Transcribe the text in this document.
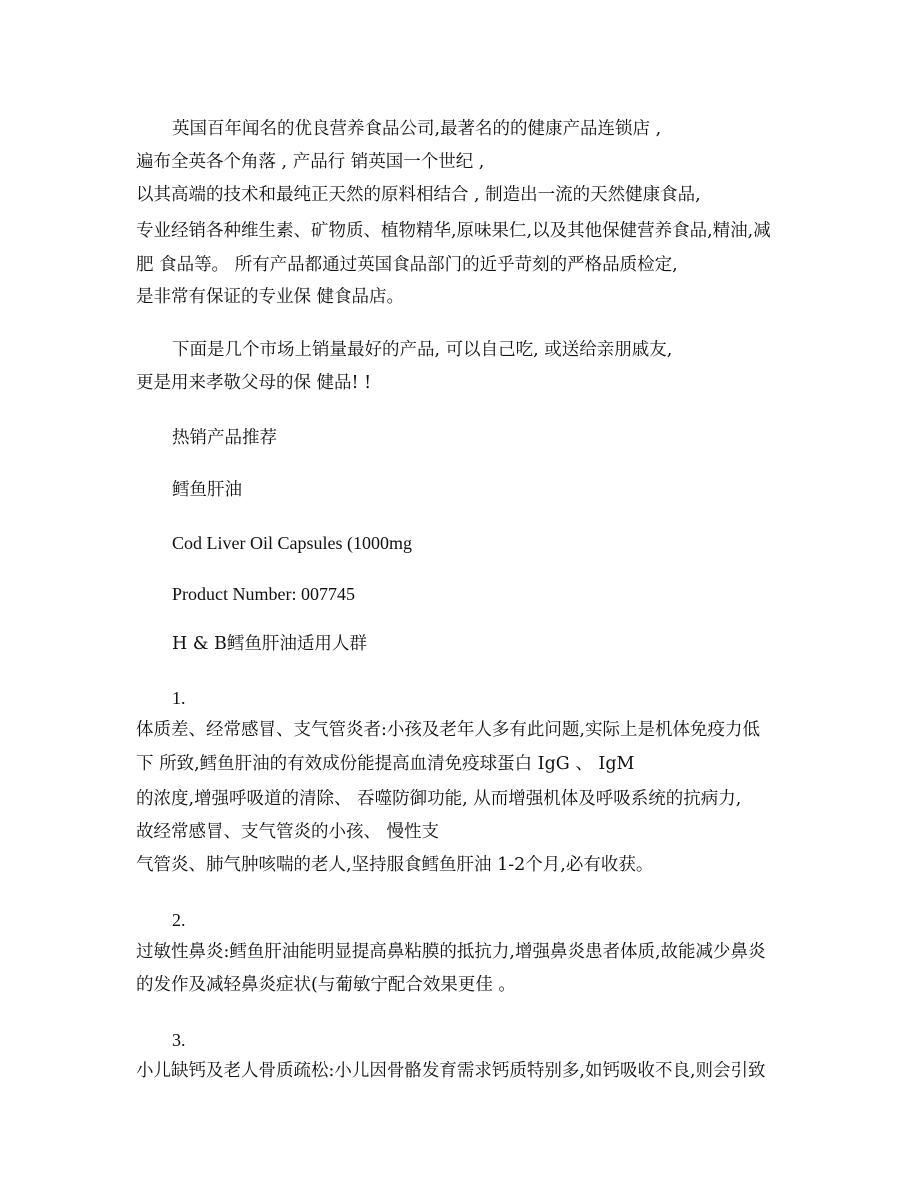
英国百年闻名的优良营养食品公司,最著名的的健康产品连锁店 ,
遍布全英各个角落 , 产品行 销英国一个世纪 ,
以其高端的技术和最纯正天然的原料相结合 , 制造出一流的天然健康食品,
专业经销各种维生素、矿物质、植物精华,原味果仁,以及其他保健营养食品,精油,减
肥 食品等。 所有产品都通过英国食品部门的近乎苛刻的严格品质检定,
是非常有保证的专业保 健食品店。
下面是几个市场上销量最好的产品, 可以自己吃, 或送给亲朋戚友,
更是用来孝敬父母的保 健品! !
热销产品推荐
鳕鱼肝油
Cod Liver Oil Capsules (1000mg
Product Number: 007745
H & B鳕鱼肝油适用人群
1.
体质差、经常感冒、支气管炎者:小孩及老年人多有此问题,实际上是机体免疫力低
下 所致,鳕鱼肝油的有效成份能提高血清免疫球蛋白 IgG 、 IgM
的浓度,增强呼吸道的清除、 吞噬防御功能, 从而增强机体及呼吸系统的抗病力,
故经常感冒、支气管炎的小孩、 慢性支
气管炎、肺气肿咳喘的老人,坚持服食鳕鱼肝油 1-2个月,必有收获。
2.
过敏性鼻炎:鳕鱼肝油能明显提高鼻粘膜的抵抗力,增强鼻炎患者体质,故能减少鼻炎
的发作及减轻鼻炎症状(与葡敏宁配合效果更佳 。
3.
小儿缺钙及老人骨质疏松:小儿因骨骼发育需求钙质特别多,如钙吸收不良,则会引致
